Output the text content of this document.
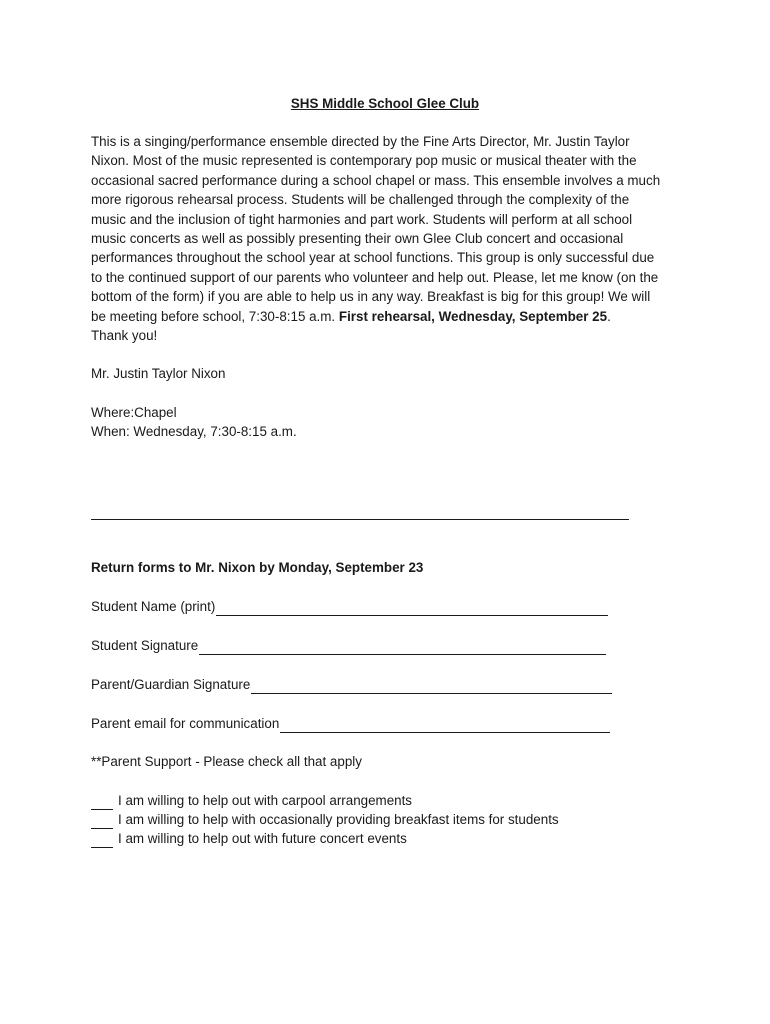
SHS Middle School Glee Club
This is a singing/performance ensemble directed by the Fine Arts Director, Mr. Justin Taylor
Nixon. Most of the music represented is contemporary pop music or musical theater with the
occasional sacred performance during a school chapel or mass. This ensemble involves a much
more rigorous rehearsal process. Students will be challenged through the complexity of the
music and the inclusion of tight harmonies and part work. Students will perform at all school
music concerts as well as possibly presenting their own Glee Club concert and occasional
performances throughout the school year at school functions. This group is only successful due
to the continued support of our parents who volunteer and help out. Please, let me know (on the
bottom of the form) if you are able to help us in any way. Breakfast is big for this group! We will
be meeting before school, 7:30-8:15 a.m. First rehearsal, Wednesday, September 25.
Thank you!
Mr. Justin Taylor Nixon
Where:Chapel
When: Wednesday, 7:30-8:15 a.m.
Return forms to Mr. Nixon by Monday, September 23
Student Name (print)
Student Signature
Parent/Guardian Signature
Parent email for communication
**Parent Support - Please check all that apply
I am willing to help out with carpool arrangements
I am willing to help with occasionally providing breakfast items for students
I am willing to help out with future concert events
